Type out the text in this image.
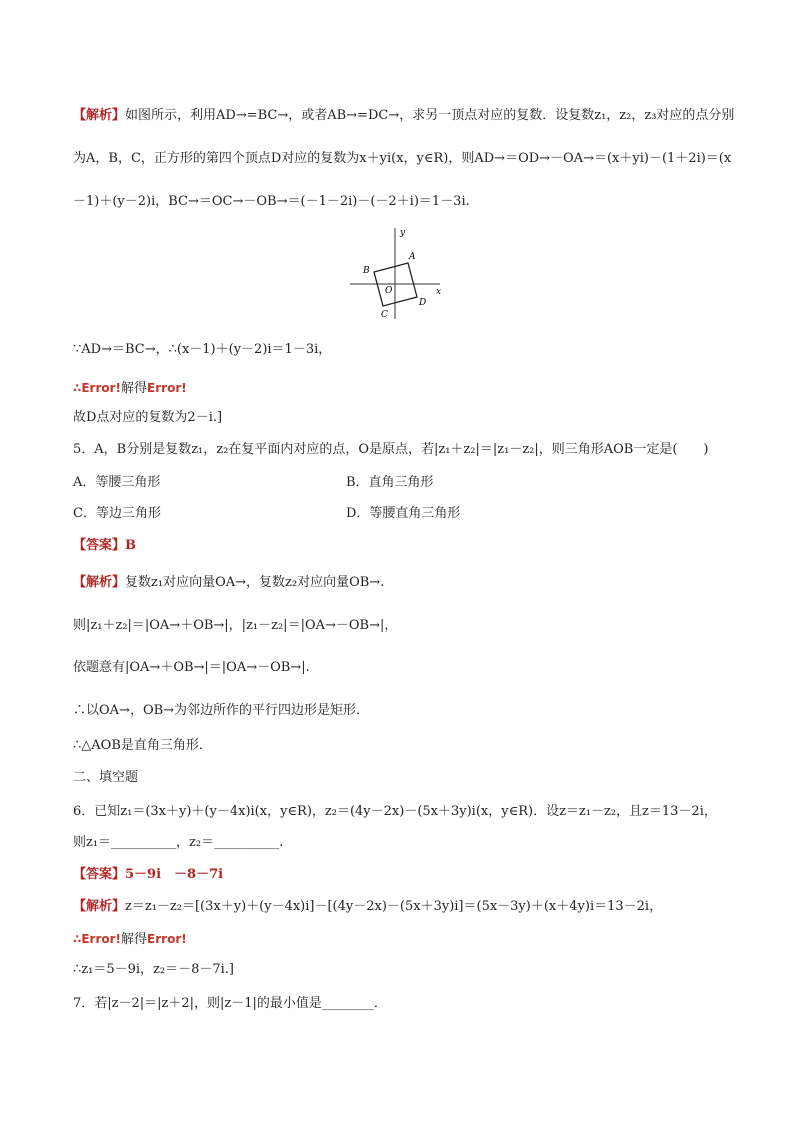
【解析】如图所示，利用AD→=BC→，或者AB→=DC→，求另一顶点对应的复数．设复数z₁，z₂，z₃对应的点分别
为A，B，C，正方形的第四个顶点D对应的复数为x＋yi(x，y∈R)，则AD→＝OD→－OA→＝(x＋yi)－(1＋2i)＝(x
－1)＋(y－2)i，BC→＝OC→－OB→＝(－1－2i)－(－2＋i)＝1－3i.
y
x
A
B
C
D
O
∵AD→＝BC→，∴(x－1)＋(y－2)i＝1－3i，
∴Error!解得Error!
故D点对应的复数为2－i.]
5．A，B分别是复数z₁，z₂在复平面内对应的点，O是原点，若|z₁＋z₂|＝|z₁－z₂|，则三角形AOB一定是(　　)
A．等腰三角形	B．直角三角形
C．等边三角形	D．等腰直角三角形
【答案】B
【解析】复数z₁对应向量OA→，复数z₂对应向量OB→.
则|z₁＋z₂|＝|OA→＋OB→|，|z₁－z₂|＝|OA→－OB→|，
依题意有|OA→＋OB→|＝|OA→－OB→|.
∴以OA→，OB→为邻边所作的平行四边形是矩形．
∴△AOB是直角三角形．
二、填空题
6．已知z₁＝(3x＋y)＋(y－4x)i(x，y∈R)，z₂＝(4y－2x)－(5x＋3y)i(x，y∈R)．设z＝z₁－z₂，且z＝13－2i，
则z₁＝__________，z₂＝__________.
【答案】5－9i　－8－7i
【解析】z＝z₁－z₂＝[(3x＋y)＋(y－4x)i]－[(4y－2x)－(5x＋3y)i]＝(5x－3y)＋(x＋4y)i＝13－2i，
∴Error!解得Error!
∴z₁＝5－9i，z₂＝－8－7i.]
7．若|z－2|＝|z＋2|，则|z－1|的最小值是________．
